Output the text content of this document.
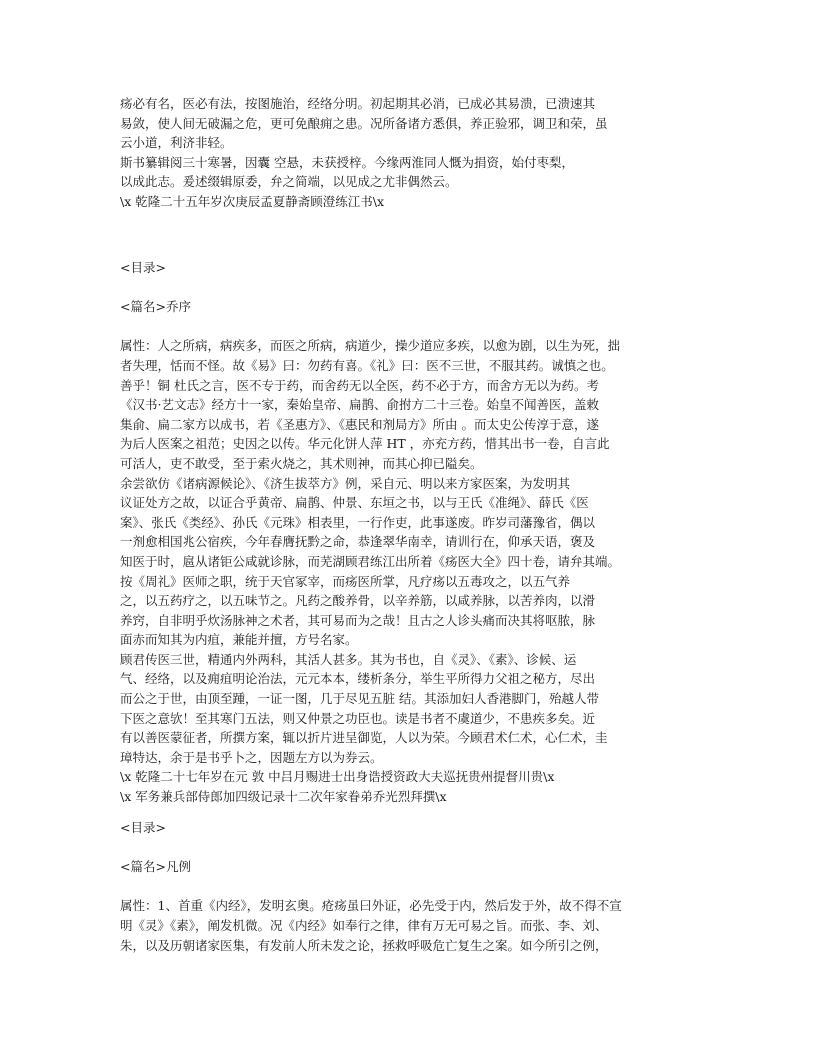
疡必有名，医必有法，按图施治，经络分明。初起期其必消，已成必其易溃，已溃速其
易敛，使人间无破漏之危，更可免酿痈之患。况所备诸方悉俱，养正验邪，调卫和荣，虽
云小道，利济非轻。
斯书纂辑阅三十寒暑，因囊 空悬，未获授梓。今缘两淮同人慨为捐资，始付枣梨，
以成此志。爰述缀辑原委，弁之简端，以见成之尤非偶然云。
\x 乾隆二十五年岁次庚辰孟夏静斋顾澄练江书\x
<目录>
<篇名>乔序
属性：人之所病，病疾多，而医之所病，病道少，操少道应多疾，以愈为剧，以生为死，拙
者失理，恬而不怪。故《易》曰：勿药有喜。《礼》曰：医不三世，不服其药。诚慎之也。
善乎！铜 杜氏之言，医不专于药，而舍药无以全医，药不必于方，而舍方无以为药。考
《汉书·艺文志》经方十一家，秦始皇帝、扁鹊、俞拊方二十三卷。始皇不闻善医，盖敕
集俞、扁二家方以成书，若《圣惠方》、《惠民和剂局方》所由 。而太史公传淳于意，遂
为后人医案之祖范；史因之以传。华元化饼人萍 HT ，亦充方药，惜其出书一卷，自言此
可活人，吏不敢受，至于索火烧之，其术则神，而其心抑已隘矣。
余尝欲仿《诸病源候论》、《济生拔萃方》例，采自元、明以来方家医案，为发明其
议证处方之故，以证合乎黄帝、扁鹊、仲景、东垣之书，以与王氏《准绳》、薛氏《医
案》、张氏《类经》、孙氏《元珠》相表里，一行作吏，此事遂废。昨岁司藩豫省，偶以
一剂愈相国兆公宿疾，今年春膺抚黔之命，恭逢翠华南幸，请训行在，仰承天语，褒及
知医于时，扈从诸钜公咸就诊脉，而芜湖顾君练江出所着《疡医大全》四十卷，请弁其端。
按《周礼》医师之职，统于天官冢宰，而疡医所掌，凡疗疡以五毒攻之，以五气养
之，以五药疗之，以五味节之。凡药之酸养骨，以辛养筋，以咸养脉，以苦养肉，以滑
养窍，自非明乎炊汤脉神之术者，其可易而为之哉！且古之人诊头痛而决其将呕脓，脉
面赤而知其为内疽，兼能并擅，方号名家。
顾君传医三世，精通内外两科，其活人甚多。其为书也，自《灵》、《素》、诊候、运
气、经络，以及痈疽明论治法，元元本本，缕析条分，举生平所得力父祖之秘方，尽出
而公之于世，由顶至踵，一证一图，几于尽见五脏 结。其添加妇人香港脚门，殆越人带
下医之意欤！至其寒门五法，则又仲景之功臣也。读是书者不虞道少，不患疾多矣。近
有以善医蒙征者，所撰方案，辄以折片进呈御览，人以为荣。今顾君术仁术，心仁术，圭
璋特达，余于是书乎卜之，因题左方以为券云。
\x 乾隆二十七年岁在元 敦 中吕月赐进士出身诰授资政大夫巡抚贵州提督川贵\x
\x 军务兼兵部侍郎加四级记录十二次年家眷弟乔光烈拜撰\x
<目录>
<篇名>凡例
属性：1、首重《内经》，发明玄奥。疮疡虽曰外证，必先受于内，然后发于外，故不得不宣
明《灵》《素》，阐发机微。况《内经》如奉行之律，律有万无可易之旨。而张、李、刘、
朱，以及历朝诸家医集，有发前人所未发之论，拯救呼吸危亡复生之案。如今所引之例，
